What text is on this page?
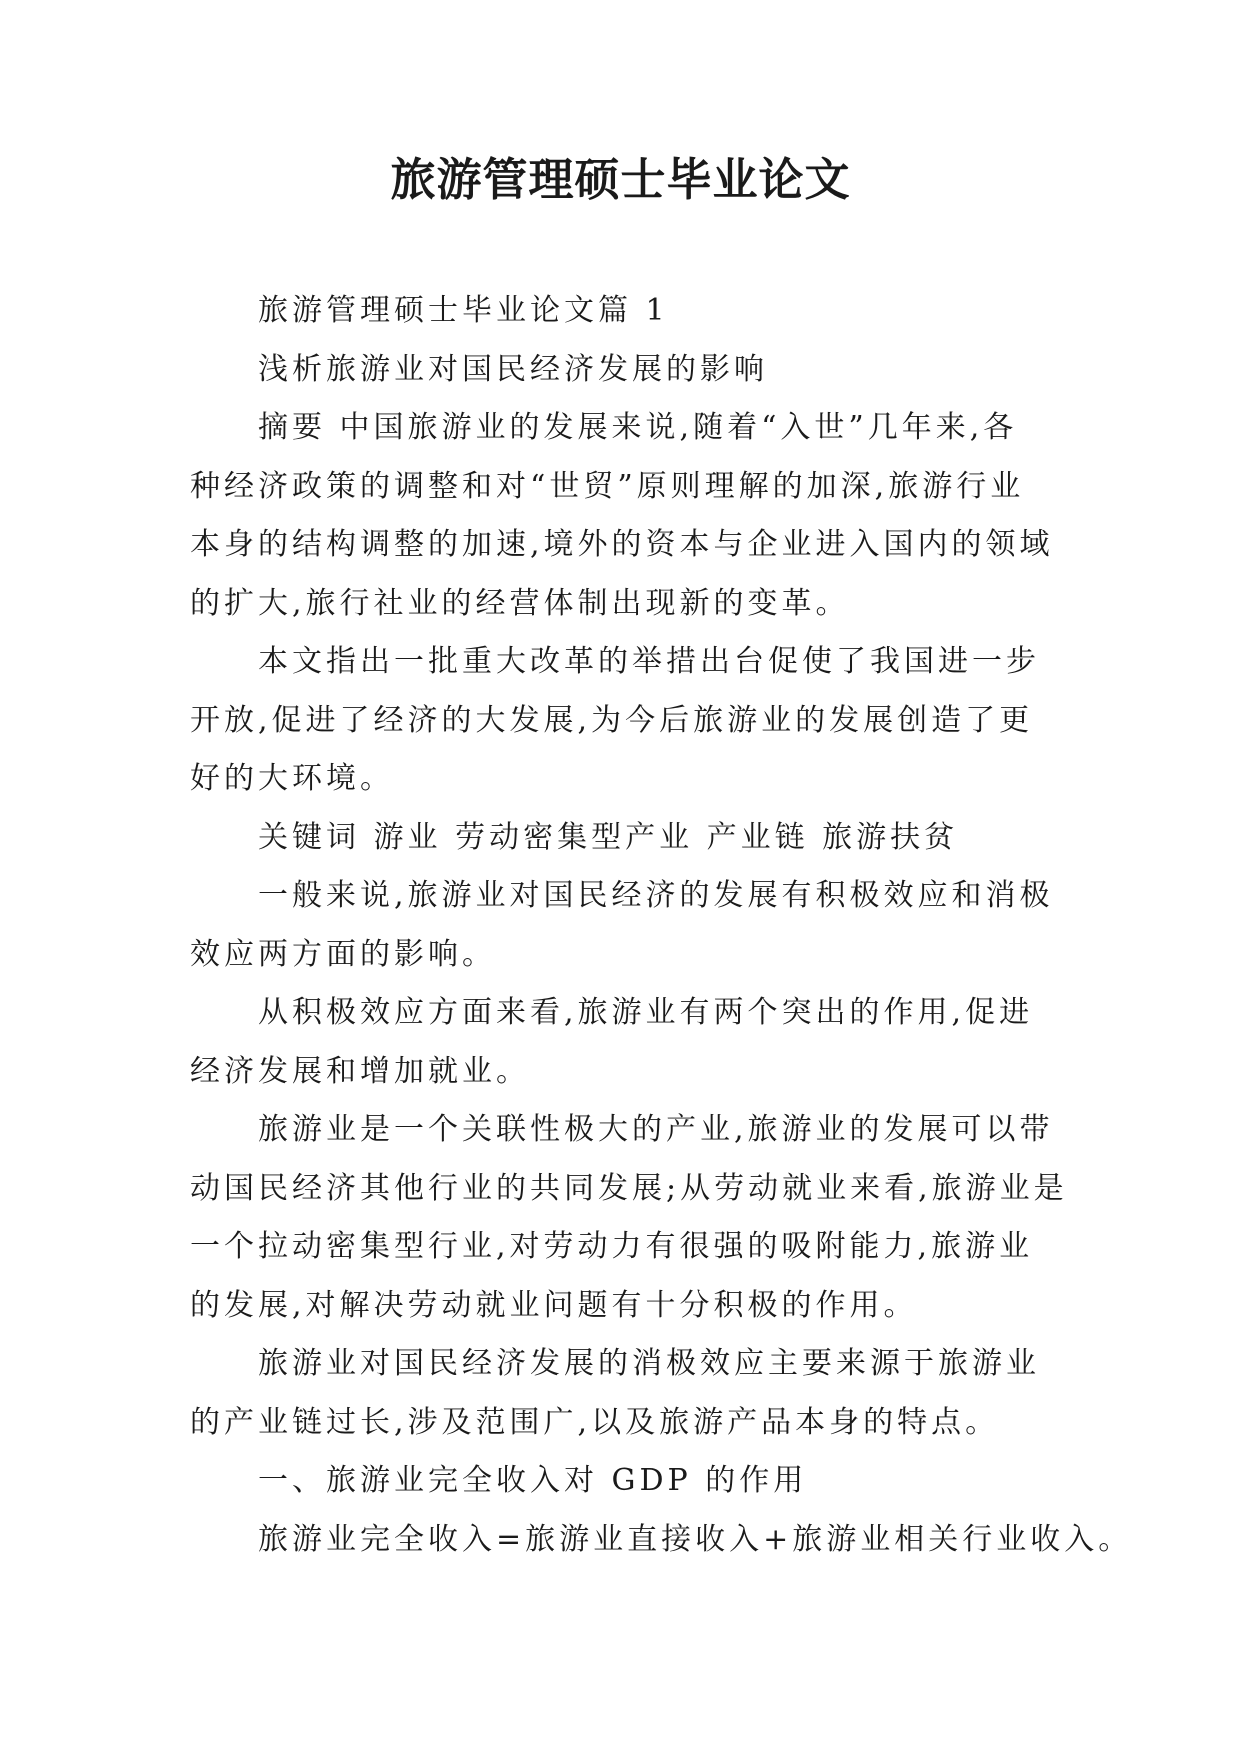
旅游管理硕士毕业论文
旅游管理硕士毕业论文篇 1
浅析旅游业对国民经济发展的影响
摘要 中国旅游业的发展来说,随着“入世”几年来,各
种经济政策的调整和对“世贸”原则理解的加深,旅游行业
本身的结构调整的加速,境外的资本与企业进入国内的领域
的扩大,旅行社业的经营体制出现新的变革。
本文指出一批重大改革的举措出台促使了我国进一步
开放,促进了经济的大发展,为今后旅游业的发展创造了更
好的大环境。
关键词 游业 劳动密集型产业 产业链 旅游扶贫
一般来说,旅游业对国民经济的发展有积极效应和消极
效应两方面的影响。
从积极效应方面来看,旅游业有两个突出的作用,促进
经济发展和增加就业。
旅游业是一个关联性极大的产业,旅游业的发展可以带
动国民经济其他行业的共同发展;从劳动就业来看,旅游业是
一个拉动密集型行业,对劳动力有很强的吸附能力,旅游业
的发展,对解决劳动就业问题有十分积极的作用。
旅游业对国民经济发展的消极效应主要来源于旅游业
的产业链过长,涉及范围广,以及旅游产品本身的特点。
一、旅游业完全收入对 GDP 的作用
旅游业完全收入=旅游业直接收入+旅游业相关行业收入。
